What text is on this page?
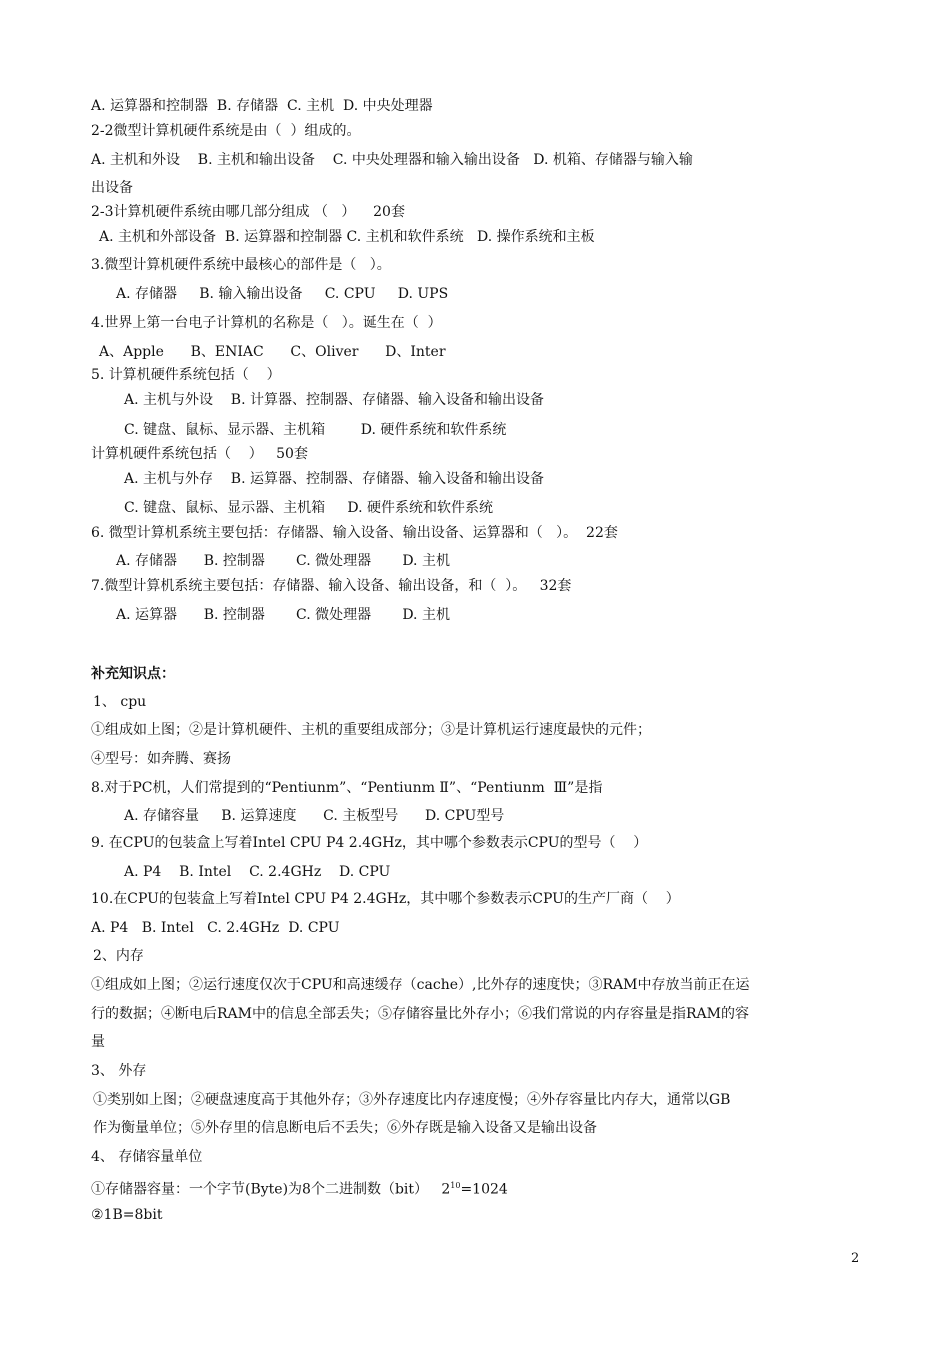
A. 运算器和控制器  B. 存储器  C. 主机  D. 中央处理器
2-2微型计算机硬件系统是由（  ）组成的。
A. 主机和外设    B. 主机和输出设备    C. 中央处理器和输入输出设备   D. 机箱、存储器与输入输
出设备
2-3计算机硬件系统由哪几部分组成 （   ）    20套
A. 主机和外部设备  B. 运算器和控制器 C. 主机和软件系统   D. 操作系统和主板
3.微型计算机硬件系统中最核心的部件是（   ）。
A. 存储器     B. 输入输出设备     C. CPU     D. UPS
4.世界上第一台电子计算机的名称是（   ）。诞生在（  ）
A、Apple      B、ENIAC      C、Oliver      D、Inter
5. 计算机硬件系统包括（    ）
A. 主机与外设    B. 计算器、控制器、存储器、输入设备和输出设备
C. 键盘、鼠标、显示器、主机箱        D. 硬件系统和软件系统
计算机硬件系统包括（    ）   50套
A. 主机与外存    B. 运算器、控制器、存储器、输入设备和输出设备
C. 键盘、鼠标、显示器、主机箱     D. 硬件系统和软件系统
6. 微型计算机系统主要包括：存储器、输入设备、输出设备、运算器和（   ）。  22套
A. 存储器      B. 控制器       C. 微处理器       D. 主机
7.微型计算机系统主要包括：存储器、输入设备、输出设备，和（  ）。   32套
A. 运算器      B. 控制器       C. 微处理器       D. 主机
补充知识点：
1、 cpu
①组成如上图；②是计算机硬件、主机的重要组成部分；③是计算机运行速度最快的元件；
④型号：如奔腾、赛扬
8.对于PC机，人们常提到的“Pentiunm”、“Pentiunm Ⅱ”、“Pentiunm  Ⅲ”是指
A. 存储容量     B. 运算速度      C. 主板型号      D. CPU型号
9. 在CPU的包装盒上写着Intel CPU P4 2.4GHz，其中哪个参数表示CPU的型号（    ）
A. P4    B. Intel    C. 2.4GHz    D. CPU
10.在CPU的包装盒上写着Intel CPU P4 2.4GHz，其中哪个参数表示CPU的生产厂商（    ）
A. P4   B. Intel   C. 2.4GHz  D. CPU
2、内存
①组成如上图；②运行速度仅次于CPU和高速缓存（cache）,比外存的速度快；③RAM中存放当前正在运
行的数据；④断电后RAM中的信息全部丢失；⑤存储容量比外存小；⑥我们常说的内存容量是指RAM的容
量
3、 外存
①类别如上图；②硬盘速度高于其他外存；③外存速度比内存速度慢；④外存容量比内存大，通常以GB
作为衡量单位；⑤外存里的信息断电后不丢失；⑥外存既是输入设备又是输出设备
4、 存储容量单位
①存储器容量：一个字节(Byte)为8个二进制数（bit）   $2^{10}=1024$
②1B=8bit
2
